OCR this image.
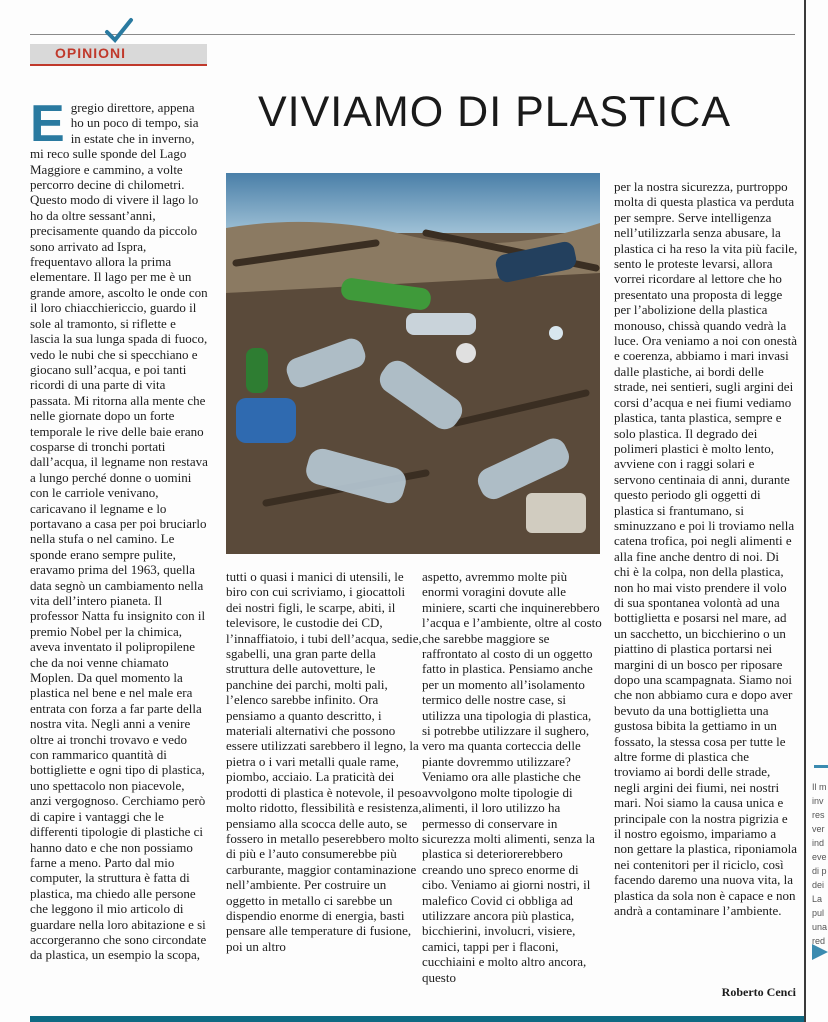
OPINIONI
VIVIAMO DI PLASTICA

Egregio direttore, appena ho un poco di tempo, sia in estate che in inverno, mi reco sulle sponde del Lago Maggiore e cammino, a volte percorro decine di chilometri. Questo modo di vivere il lago lo ho da oltre sessant’anni, precisamente quando da piccolo sono arrivato ad Ispra, frequentavo allora la prima elementare. Il lago per me è un grande amore, ascolto le onde con il loro chiacchiericcio, guardo il sole al tramonto, si riflette e lascia la sua lunga spada di fuoco, vedo le nubi che si specchiano e giocano sull’acqua, e poi tanti ricordi di una parte di vita passata. Mi ritorna alla mente che nelle giornate dopo un forte temporale le rive delle baie erano cosparse di tronchi portati dall’acqua, il legname non restava a lungo perché donne o uomini con le carriole venivano, caricavano il legname e lo portavano a casa per poi bruciarlo nella stufa o nel camino. Le sponde erano sempre pulite, eravamo prima del 1963, quella data segnò un cambiamento nella vita dell’intero pianeta. Il professor Natta fu insignito con il premio Nobel per la chimica, aveva inventato il polipropilene che da noi venne chiamato Moplen. Da quel momento la plastica nel bene e nel male era entrata con forza a far parte della nostra vita. Negli anni a venire oltre ai tronchi trovavo e vedo con rammarico quantità di bottigliette e ogni tipo di plastica, uno spettacolo non piacevole, anzi vergognoso. Cerchiamo però di capire i vantaggi che le differenti tipologie di plastiche ci hanno dato e che non possiamo farne a meno. Parto dal mio computer, la struttura è fatta di plastica, ma chiedo alle persone che leggono il mio articolo di guardare nella loro abitazione e si accorgeranno che sono circondate da plastica, un esempio la scopa,

tutti o quasi i manici di utensili, le biro con cui scriviamo, i giocattoli dei nostri figli, le scarpe, abiti, il televisore, le custodie dei CD, l’innaffiatoio, i tubi dell’acqua, sedie, sgabelli, una gran parte della struttura delle autovetture, le panchine dei parchi, molti pali, l’elenco sarebbe infinito. Ora pensiamo a quanto descritto, i materiali alternativi che possono essere utilizzati sarebbero il legno, la pietra o i vari metalli quale rame, piombo, acciaio. La praticità dei prodotti di plastica è notevole, il peso molto ridotto, flessibilità e resistenza, pensiamo alla scocca delle auto, se fossero in metallo peserebbero molto di più e l’auto consumerebbe più carburante, maggior contaminazione nell’ambiente. Per costruire un oggetto in metallo ci sarebbe un dispendio enorme di energia, basti pensare alle temperature di fusione, poi un altro

aspetto, avremmo molte più enormi voragini dovute alle miniere, scarti che inquinerebbero l’acqua e l’ambiente, oltre al costo che sarebbe maggiore se raffrontato al costo di un oggetto fatto in plastica. Pensiamo anche per un momento all’isolamento termico delle nostre case, si utilizza una tipologia di plastica, si potrebbe utilizzare il sughero, vero ma quanta corteccia delle piante dovremmo utilizzare? Veniamo ora alle plastiche che avvolgono molte tipologie di alimenti, il loro utilizzo ha permesso di conservare in sicurezza molti alimenti, senza la plastica si deteriorerebbero creando uno spreco enorme di cibo. Veniamo ai giorni nostri, il malefico Covid ci obbliga ad utilizzare ancora più plastica, bicchierini, involucri, visiere, camici, tappi per i flaconi, cucchiaini e molto altro ancora, questo

per la nostra sicurezza, purtroppo molta di questa plastica va perduta per sempre. Serve intelligenza nell’utilizzarla senza abusare, la plastica ci ha reso la vita più facile, sento le proteste levarsi, allora vorrei ricordare al lettore che ho presentato una proposta di legge per l’abolizione della plastica monouso, chissà quando vedrà la luce. Ora veniamo a noi con onestà e coerenza, abbiamo i mari invasi dalle plastiche, ai bordi delle strade, nei sentieri, sugli argini dei corsi d’acqua e nei fiumi vediamo plastica, tanta plastica, sempre e solo plastica. Il degrado dei polimeri plastici è molto lento, avviene con i raggi solari e servono centinaia di anni, durante questo periodo gli oggetti di plastica si frantumano, si sminuzzano e poi li troviamo nella catena trofica, poi negli alimenti e alla fine anche dentro di noi. Di chi è la colpa, non della plastica, non ho mai visto prendere il volo di sua spontanea volontà ad una bottiglietta e posarsi nel mare, ad un sacchetto, un bicchierino o un piattino di plastica portarsi nei margini di un bosco per riposare dopo una scampagnata. Siamo noi che non abbiamo cura e dopo aver bevuto da una bottiglietta una gustosa bibita la gettiamo in un fossato, la stessa cosa per tutte le altre forme di plastica che troviamo ai bordi delle strade, negli argini dei fiumi, nei nostri mari. Noi siamo la causa unica e principale con la nostra pigrizia e il nostro egoismo, impariamo a non gettare la plastica, riponiamola nei contenitori per il riciclo, così facendo daremo una nuova vita, la plastica da sola non è capace e non andrà a contaminare l’ambiente.

Roberto Cenci
Il m
inv
res
ver
ind
eve
di p
dei
La
pul
una
red
